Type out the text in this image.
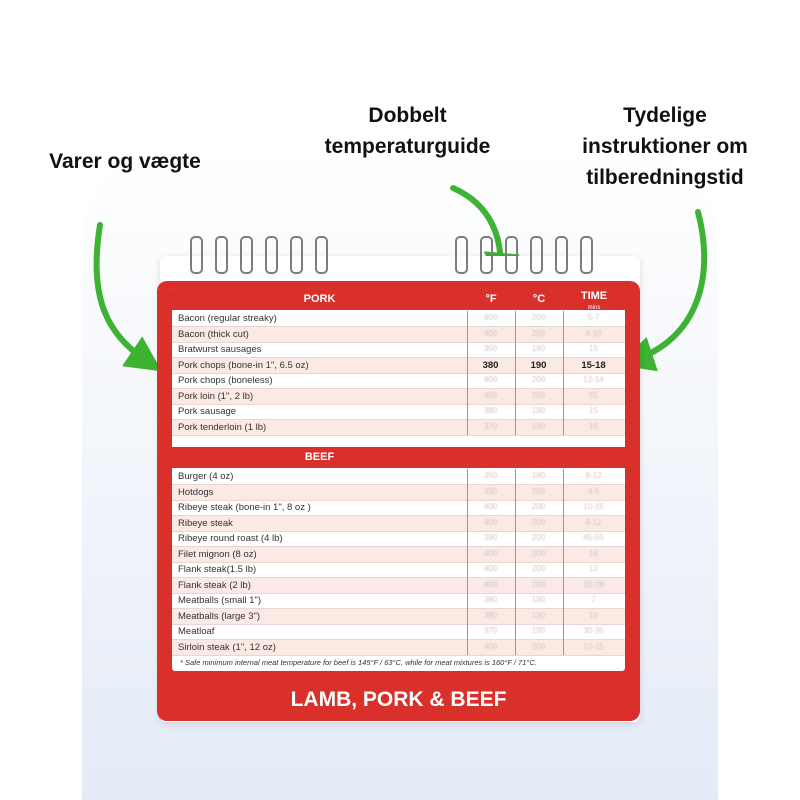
Varer og vægte
Dobbelt temperaturguide
Tydelige instruktioner om tilberedningstid
PORK	°F	°C	TIME
mins
Bacon (regular streaky)	400	200	5-7
Bacon (thick cut)	400	200	6-10
Bratwurst sausages	350	180	15
Pork chops (bone-in 1", 6.5 oz)	380	190	15-18
Pork chops (boneless)	400	200	12-14
Pork loin (1", 2 lb)	400	200	55
Pork sausage	380	190	15
Pork tenderloin (1 lb)	370	190	15
BEEF
Burger (4 oz)	350	180	8-12
Hotdogs	390	200	4-5
Ribeye steak (bone-in 1", 8 oz )	400	200	10-15
Ribeye steak	400	200	8-12
Ribeye round roast (4 lb)	390	200	45-55
Filet mignon (8 oz)	400	200	18
Flank steak(1.5 lb)	400	200	12
Flank steak (2 lb)	400	200	20-28
Meatballs (small 1")	380	190	7
Meatballs (large 3")	380	190	10
Meatloaf	370	190	30-35
Sirloin steak (1", 12 oz)	400	200	10-15
* Safe minimum internal meat temperature for beef is 145°F / 63°C, while for meat mixtures is 160°F / 71°C.
LAMB, PORK & BEEF
